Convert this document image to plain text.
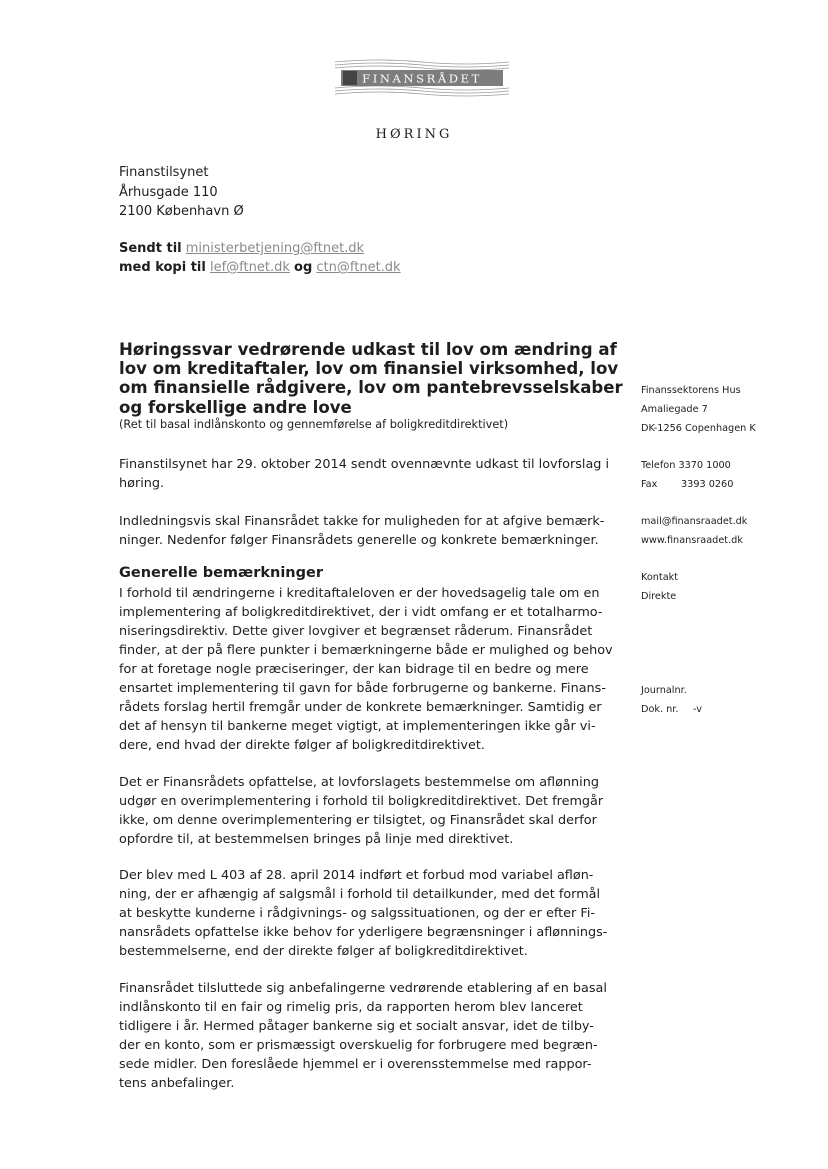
FINANSRÅDET
HØRING
Finanstilsynet
Århusgade 110
2100 København Ø
Sendt til ministerbetjening@ftnet.dk
med kopi til lef@ftnet.dk og ctn@ftnet.dk
Høringssvar vedrørende udkast til lov om ændring af
lov om kreditaftaler, lov om finansiel virksomhed, lov
om finansielle rådgivere, lov om pantebrevsselskaber
og forskellige andre love
(Ret til basal indlånskonto og gennemførelse af boligkreditdirektivet)
Finanstilsynet har 29. oktober 2014 sendt ovennævnte udkast til lovforslag i
høring.
Indledningsvis skal Finansrådet takke for muligheden for at afgive bemærk-
ninger. Nedenfor følger Finansrådets generelle og konkrete bemærkninger.
Generelle bemærkninger
I forhold til ændringerne i kreditaftaleloven er der hovedsagelig tale om en
implementering af boligkreditdirektivet, der i vidt omfang er et totalharmo-
niseringsdirektiv. Dette giver lovgiver et begrænset råderum. Finansrådet
finder, at der på flere punkter i bemærkningerne både er mulighed og behov
for at foretage nogle præciseringer, der kan bidrage til en bedre og mere
ensartet implementering til gavn for både forbrugerne og bankerne. Finans-
rådets forslag hertil fremgår under de konkrete bemærkninger. Samtidig er
det af hensyn til bankerne meget vigtigt, at implementeringen ikke går vi-
dere, end hvad der direkte følger af boligkreditdirektivet.
Det er Finansrådets opfattelse, at lovforslagets bestemmelse om aflønning
udgør en overimplementering i forhold til boligkreditdirektivet. Det fremgår
ikke, om denne overimplementering er tilsigtet, og Finansrådet skal derfor
opfordre til, at bestemmelsen bringes på linje med direktivet.
Der blev med L 403 af 28. april 2014 indført et forbud mod variabel afløn-
ning, der er afhængig af salgsmål i forhold til detailkunder, med det formål
at beskytte kunderne i rådgivnings- og salgssituationen, og der er efter Fi-
nansrådets opfattelse ikke behov for yderligere begrænsninger i aflønnings-
bestemmelserne, end der direkte følger af boligkreditdirektivet.
Finansrådet tilsluttede sig anbefalingerne vedrørende etablering af en basal
indlånskonto til en fair og rimelig pris, da rapporten herom blev lanceret
tidligere i år. Hermed påtager bankerne sig et socialt ansvar, idet de tilby-
der en konto, som er prismæssigt overskuelig for forbrugere med begræn-
sede midler. Den foreslåede hjemmel er i overensstemmelse med rappor-
tens anbefalinger.
Finanssektorens Hus
Amaliegade 7
DK-1256 Copenhagen K
Telefon 3370 1000
Fax 3393 0260
mail@finansraadet.dk
www.finansraadet.dk
Kontakt
Direkte
Journalnr.
Dok. nr. -v
